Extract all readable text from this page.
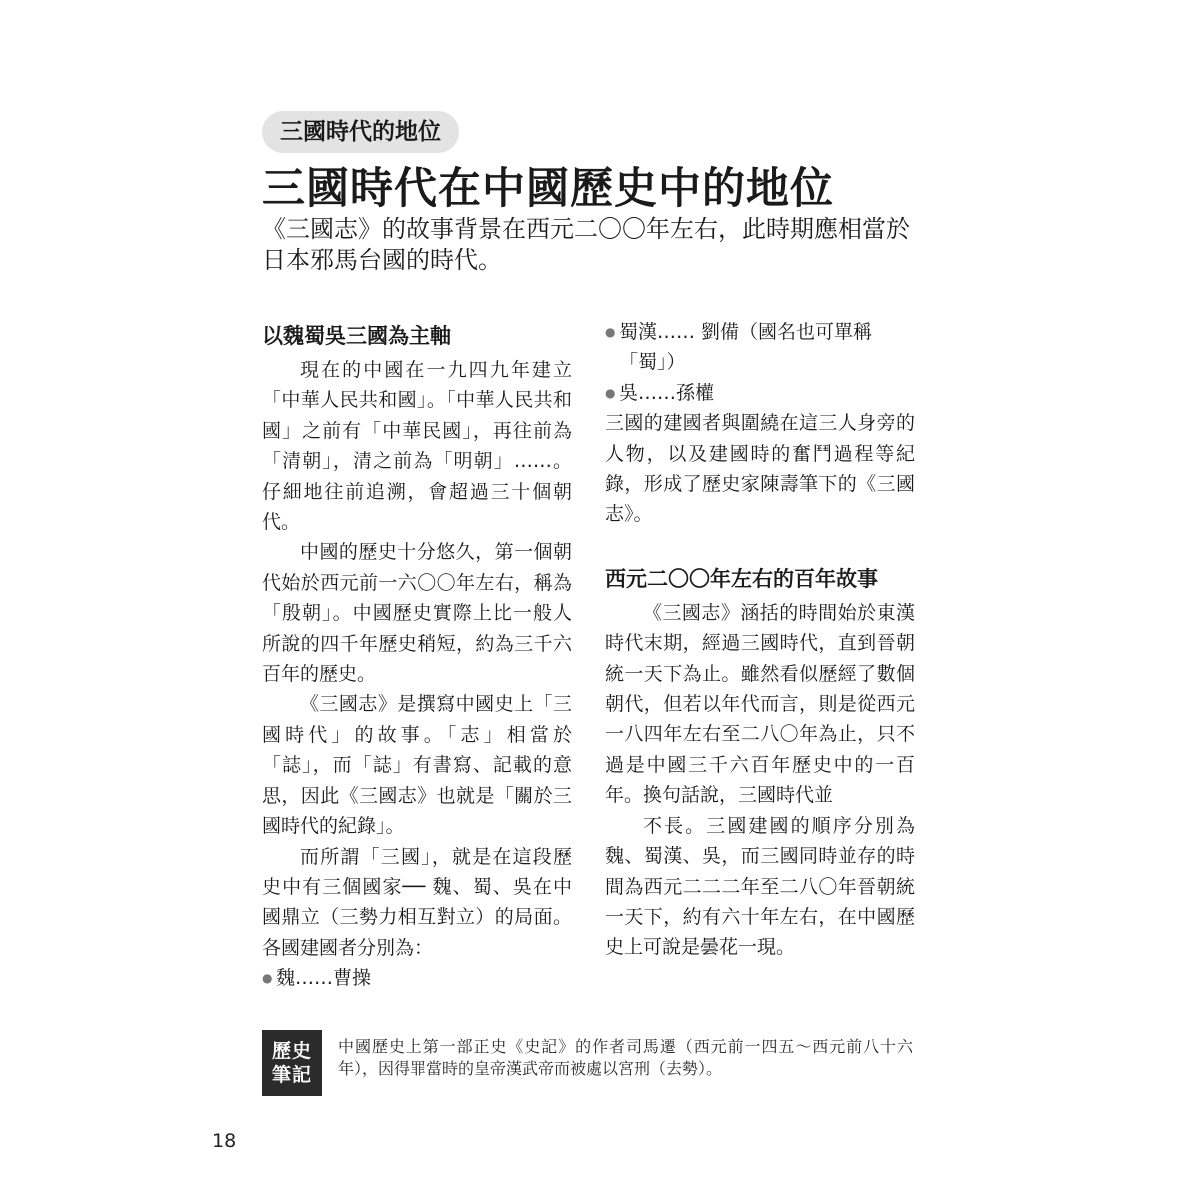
三國時代的地位
三國時代在中國歷史中的地位

《三國志》的故事背景在西元二〇〇年左右，此時期應相當於日本邪馬台國的時代。

以魏蜀吳三國為主軸

現在的中國在一九四九年建立「中華人民共和國」。「中華人民共和國」之前有「中華民國」，再往前為「清朝」，清之前為「明朝」……。仔細地往前追溯，會超過三十個朝代。

中國的歷史十分悠久，第一個朝代始於西元前一六〇〇年左右，稱為「殷朝」。中國歷史實際上比一般人所說的四千年歷史稍短，約為三千六百年的歷史。

《三國志》是撰寫中國史上「三國時代」的故事。「志」相當於「誌」，而「誌」有書寫、記載的意思，因此《三國志》也就是「關於三國時代的紀錄」。

而所謂「三國」，就是在這段歷史中有三個國家── 魏、蜀、吳在中國鼎立（三勢力相互對立）的局面。各國建國者分別為：

● 魏……曹操

● 蜀漢…… 劉備（國名也可單稱「蜀」）

● 吳……孫權

三國的建國者與圍繞在這三人身旁的人物，以及建國時的奮鬥過程等紀錄，形成了歷史家陳壽筆下的《三國志》。

西元二〇〇年左右的百年故事

《三國志》涵括的時間始於東漢時代末期，經過三國時代，直到晉朝統一天下為止。雖然看似歷經了數個朝代，但若以年代而言，則是從西元一八四年左右至二八〇年為止，只不過是中國三千六百年歷史中的一百年。換句話說，三國時代並

不長。三國建國的順序分別為魏、蜀漢、吳，而三國同時並存的時間為西元二二二年至二八〇年晉朝統一天下，約有六十年左右，在中國歷史上可說是曇花一現。

歷史
筆記

中國歷史上第一部正史《史記》的作者司馬遷（西元前一四五～西元前八十六年），因得罪當時的皇帝漢武帝而被處以宮刑（去勢）。

18
